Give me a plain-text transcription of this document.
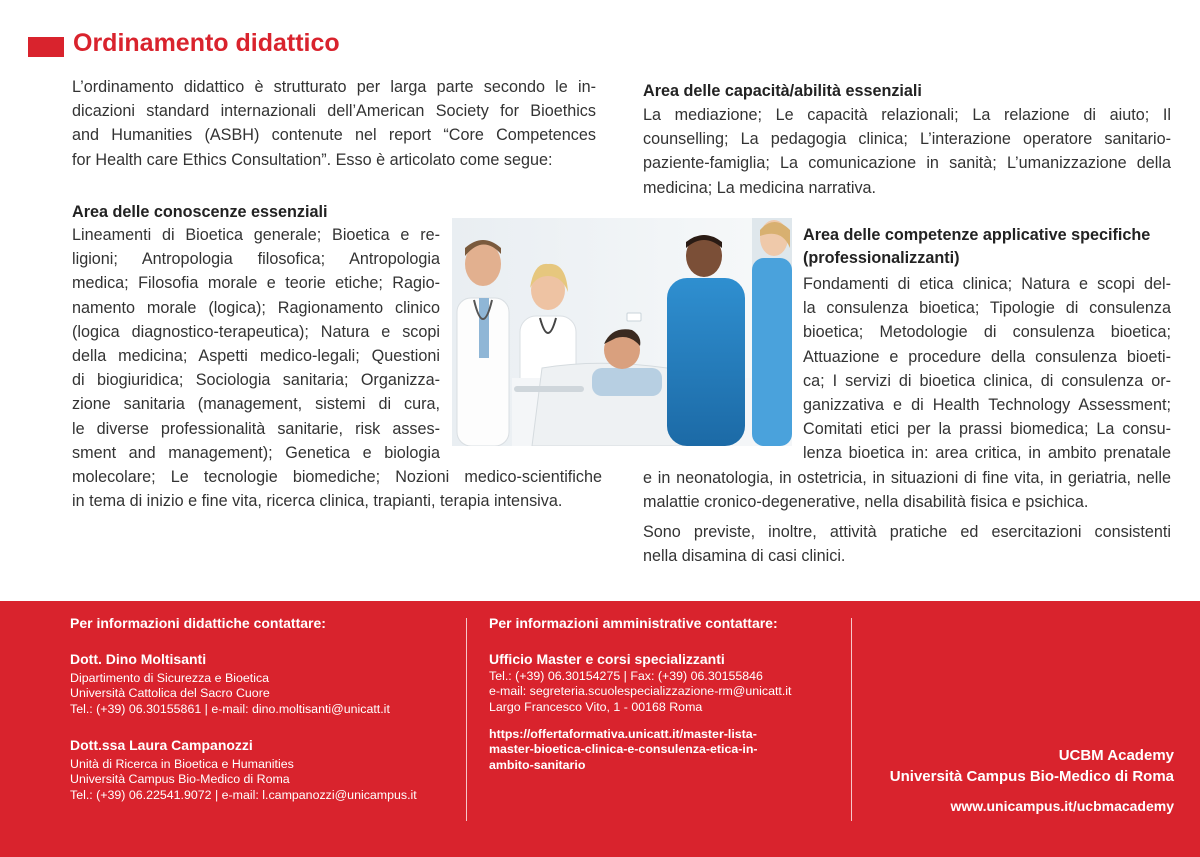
Ordinamento didattico
L’ordinamento didattico è strutturato per larga parte secondo le in-
dicazioni standard internazionali dell’American Society for Bioethics
and Humanities (ASBH) contenute nel report “Core Competences
for Health care Ethics Consultation”. Esso è articolato come segue:
Area delle conoscenze essenziali
Lineamenti di Bioetica generale; Bioetica e re-
ligioni; Antropologia filosofica; Antropologia
medica; Filosofia morale e teorie etiche; Ragio-
namento morale (logica); Ragionamento clinico
(logica diagnostico-terapeutica); Natura e scopi
della medicina; Aspetti medico-legali; Questioni
di biogiuridica; Sociologia sanitaria; Organizza-
zione sanitaria (management, sistemi di cura,
le diverse professionalità sanitarie, risk asses-
sment and management); Genetica e biologia
molecolare; Le tecnologie biomediche; Nozioni medico-scientifiche
in tema di inizio e fine vita, ricerca clinica, trapianti, terapia intensiva.
Area delle capacità/abilità essenziali
La mediazione; Le capacità relazionali; La relazione di aiuto; Il
counselling; La pedagogia clinica; L’interazione operatore sanitario-
paziente-famiglia; La comunicazione in sanità; L’umanizzazione della
medicina; La medicina narrativa.
Area delle competenze applicative specifiche
(professionalizzanti)
Fondamenti di etica clinica; Natura e scopi del-
la consulenza bioetica; Tipologie di consulenza
bioetica; Metodologie di consulenza bioetica;
Attuazione e procedure della consulenza bioeti-
ca; I servizi di bioetica clinica, di consulenza or-
ganizzativa e di Health Technology Assessment;
Comitati etici per la prassi biomedica; La consu-
lenza bioetica in: area critica, in ambito prenatale
e in neonatologia, in ostetricia, in situazioni di fine vita, in geriatria, nelle
malattie cronico-degenerative, nella disabilità fisica e psichica.
Sono previste, inoltre, attività pratiche ed esercitazioni consistenti
nella disamina di casi clinici.

Per informazioni didattiche contattare:

Dott. Dino Moltisanti

Dipartimento di Sicurezza e Bioetica
Università Cattolica del Sacro Cuore
Tel.: (+39) 06.30155861 | e-mail: dino.moltisanti@unicatt.it

Dott.ssa Laura Campanozzi

Unità di Ricerca in Bioetica e Humanities
Università Campus Bio-Medico di Roma
Tel.: (+39) 06.22541.9072 | e-mail: l.campanozzi@unicampus.it

Per informazioni amministrative contattare:

Ufficio Master e corsi specializzanti

Tel.: (+39) 06.30154275 | Fax: (+39) 06.30155846
e-mail: segreteria.scuolespecializzazione-rm@unicatt.it
Largo Francesco Vito, 1 - 00168 Roma
https://offertaformativa.unicatt.it/master-lista-
master-bioetica-clinica-e-consulenza-etica-in-
ambito-sanitario

UCBM Academy

Università Campus Bio-Medico di Roma

www.unicampus.it/ucbmacademy
